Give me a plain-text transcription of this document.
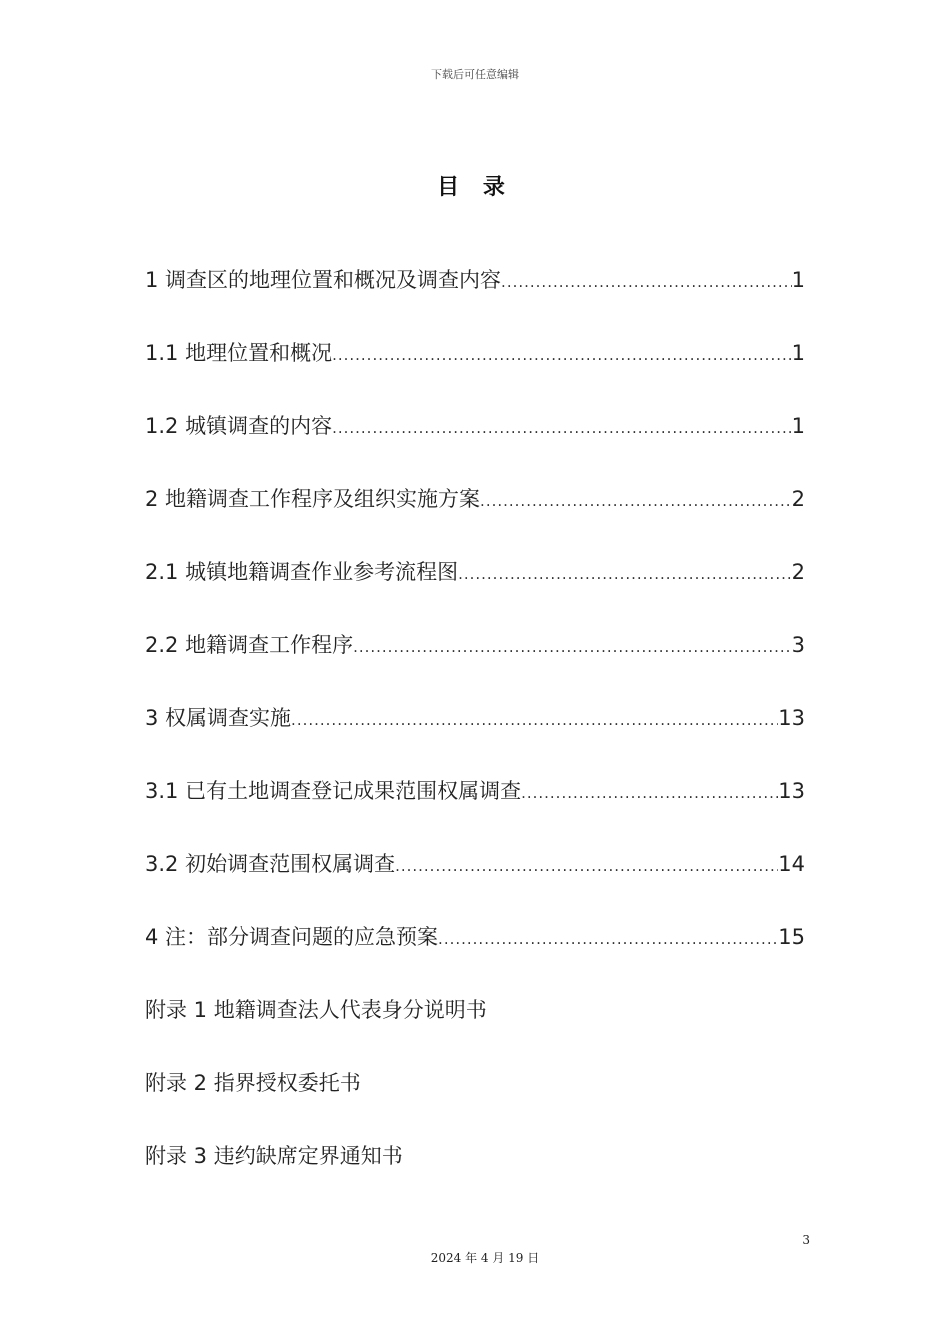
下载后可任意编辑
目 录
1 调查区的地理位置和概况及调查内容 .....	1
1.1 地理位置和概况 .....	1
1.2 城镇调查的内容 .....	1
2 地籍调查工作程序及组织实施方案 .....	2
2.1 城镇地籍调查作业参考流程图 .....	2
2.2 地籍调查工作程序 .....	3
3 权属调查实施 .....	13
3.1 已有土地调查登记成果范围权属调查 .....	13
3.2 初始调查范围权属调查 .....	14
4 注：部分调查问题的应急预案 .....	15
附录 1 地籍调查法人代表身分说明书
附录 2 指界授权委托书
附录 3 违约缺席定界通知书
3
2024 年 4 月 19 日
